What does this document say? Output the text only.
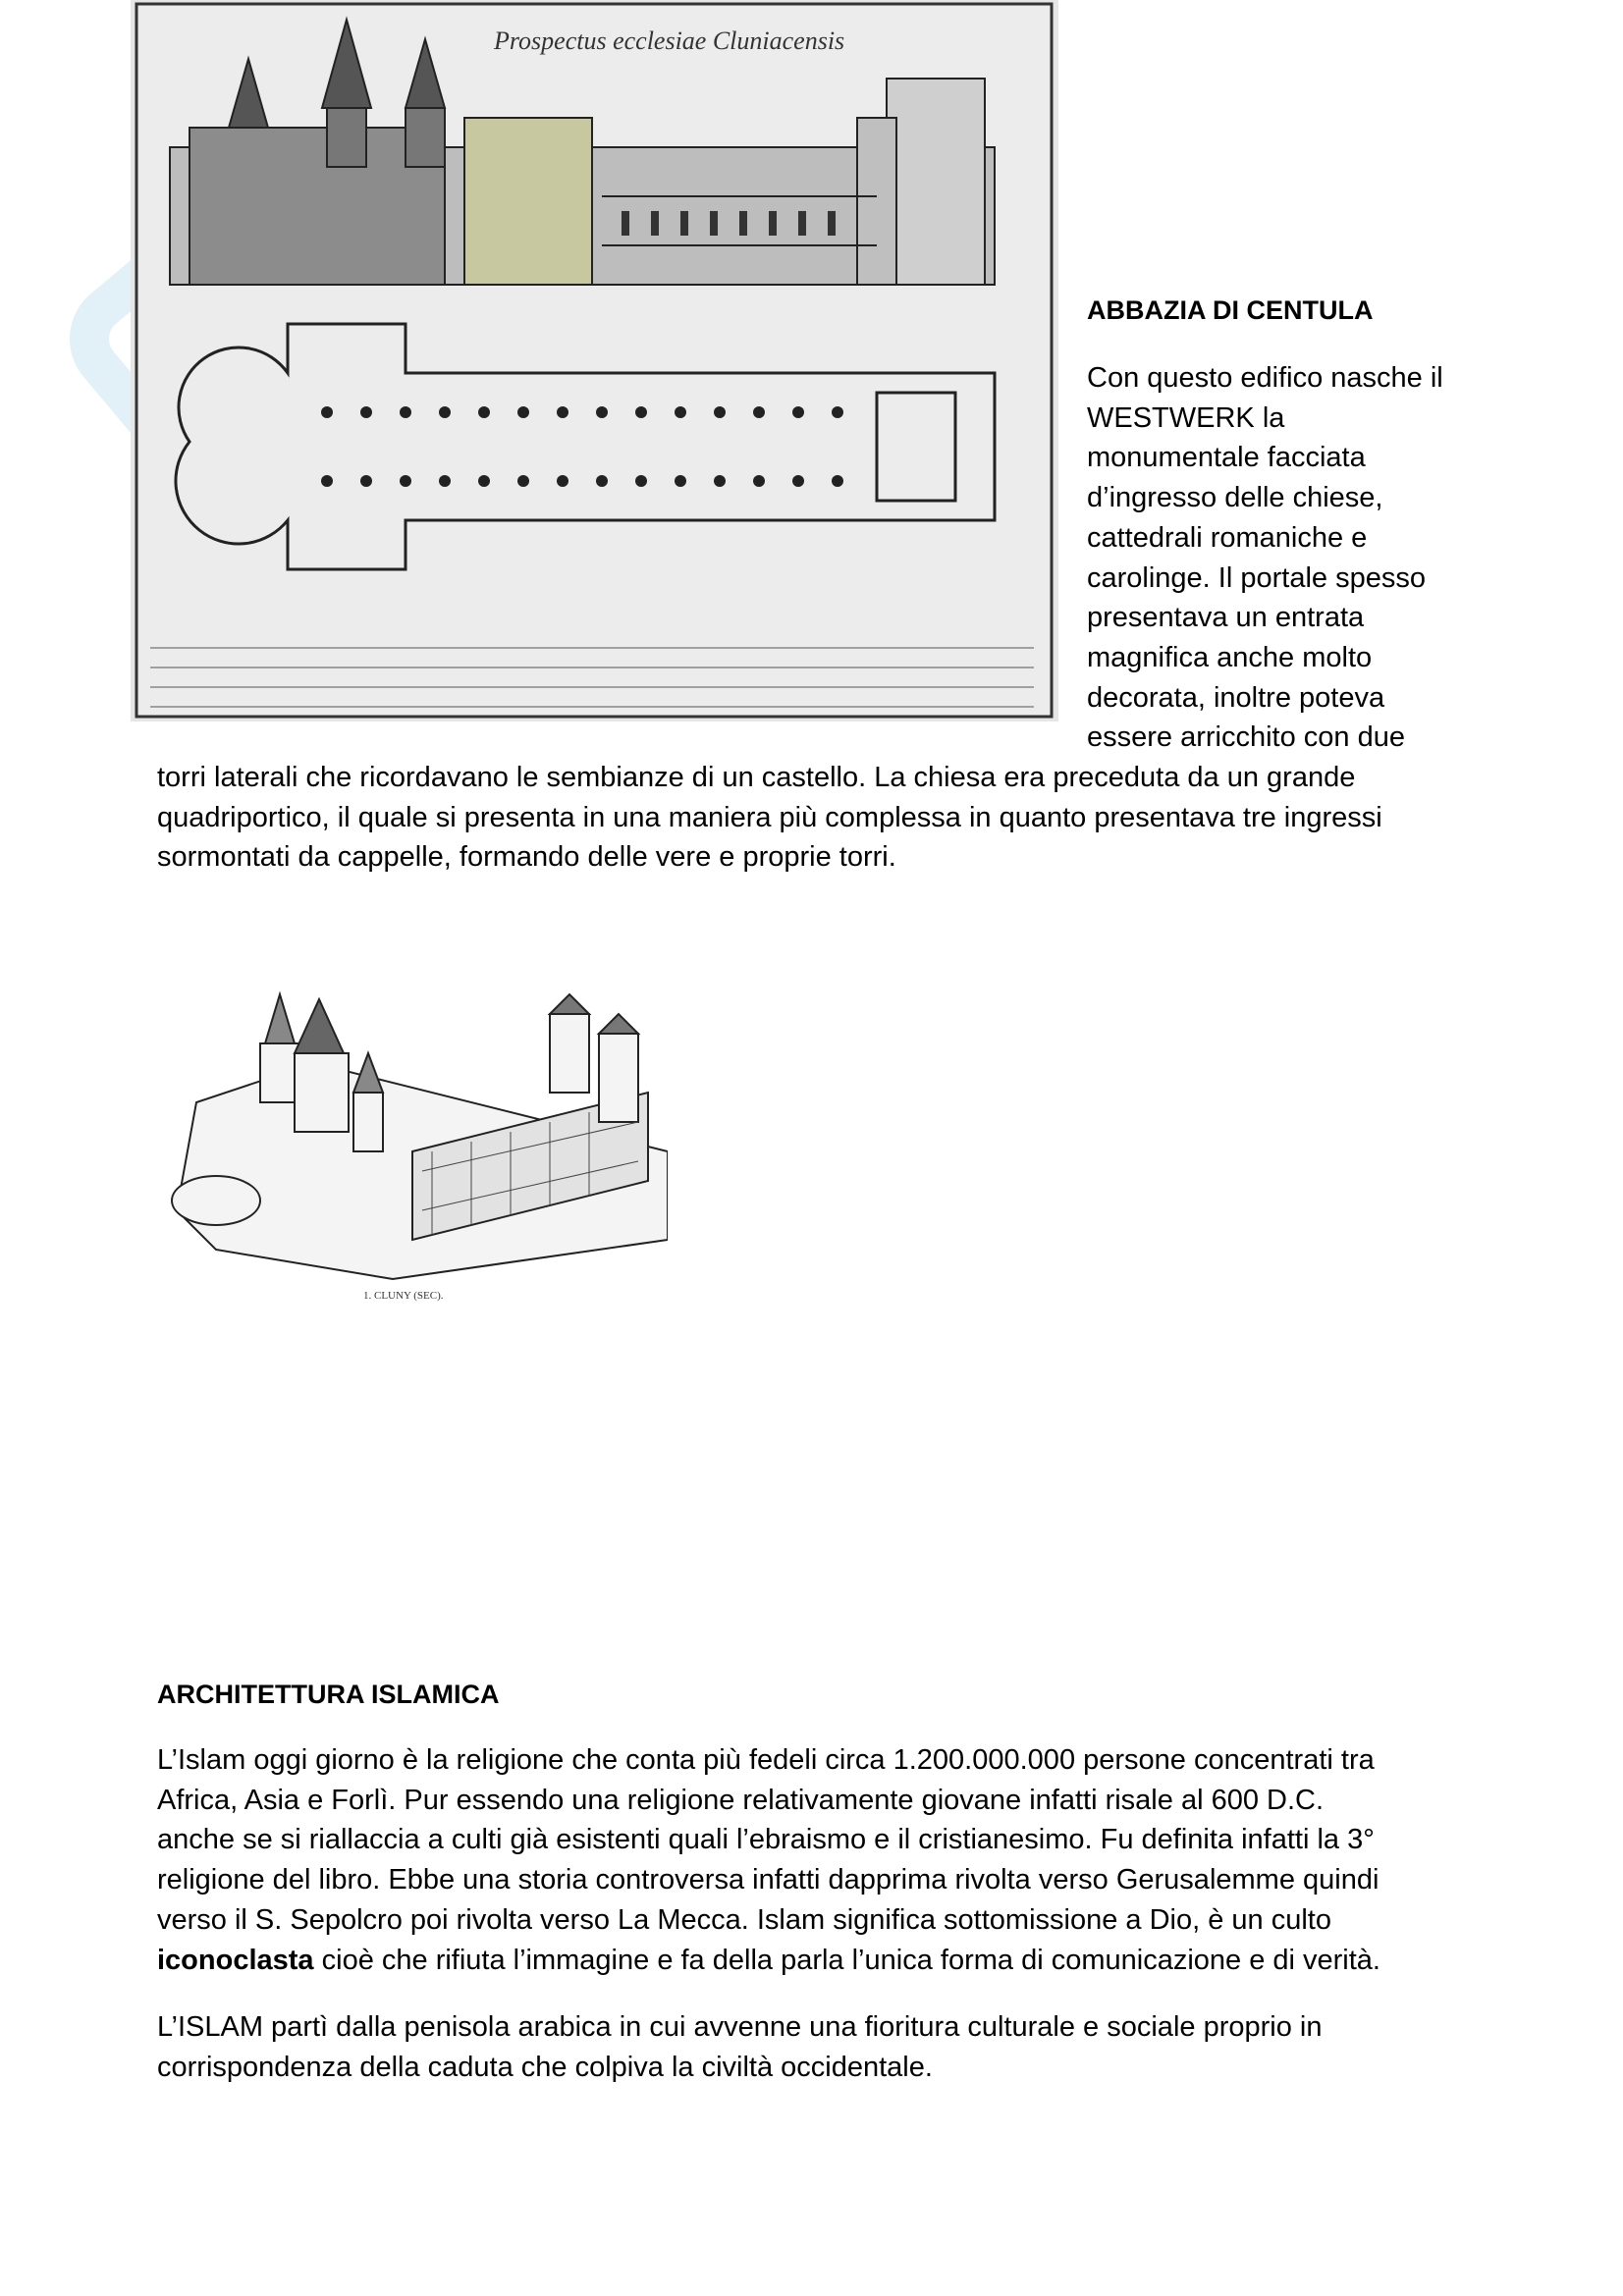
Prospectus ecclesiae Cluniacensis
ABBAZIA DI CENTULA
Con questo edifico nasche il
WESTWERK la
monumentale facciata
d’ingresso delle chiese,
cattedrali romaniche e
carolinge. Il portale spesso
presentava un entrata
magnifica anche molto
decorata, inoltre poteva
essere arricchito con due
torri laterali che ricordavano le sembianze di un castello. La chiesa era preceduta da un grande
quadriportico, il quale si presenta in una maniera più complessa in quanto presentava tre ingressi
sormontati da cappelle, formando delle vere e proprie torri.
1. CLUNY (SEC).
ARCHITETTURA ISLAMICA
L’Islam oggi giorno è la religione che conta più fedeli circa 1.200.000.000 persone concentrati tra
Africa, Asia e Forlì. Pur essendo una religione relativamente giovane infatti risale al 600 D.C.
anche se si riallaccia a culti già esistenti quali l’ebraismo e il cristianesimo. Fu definita infatti la 3°
religione del libro. Ebbe una storia controversa infatti dapprima rivolta verso Gerusalemme quindi
verso il S. Sepolcro poi rivolta verso La Mecca. Islam significa sottomissione a Dio, è un culto
iconoclasta cioè che rifiuta l’immagine e fa della parla l’unica forma di comunicazione e di verità.
L’ISLAM partì dalla penisola arabica in cui avvenne una fioritura culturale e sociale proprio in
corrispondenza della caduta che colpiva la civiltà occidentale.
